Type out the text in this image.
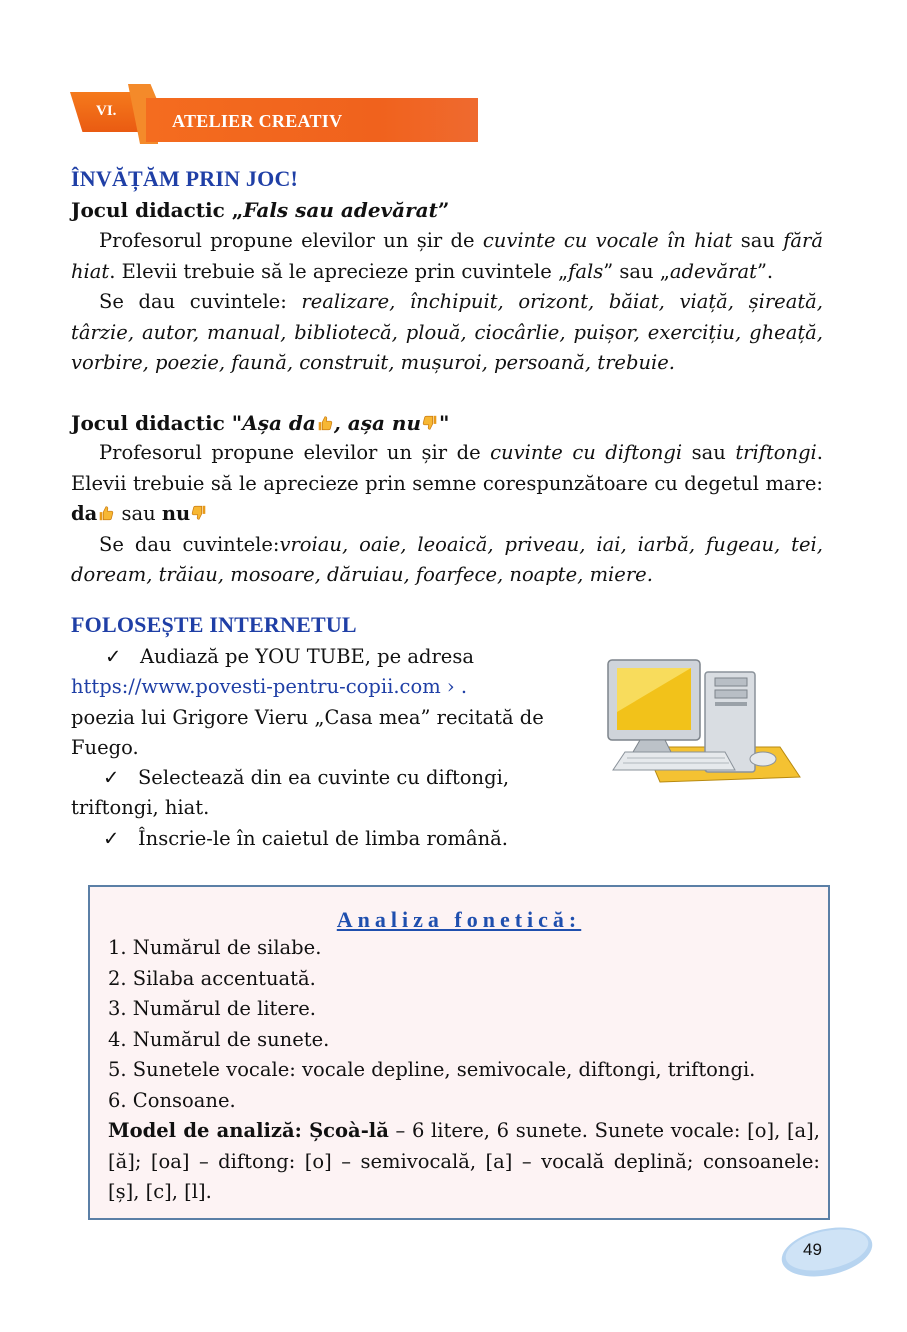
VI.	ATELIER CREATIV
ÎNVĂȚĂM PRIN JOC!
Jocul didactic „Fals sau adevărat”

Profesorul propune elevilor un șir de cuvinte cu vocale în hiat sau fără hiat. Elevii trebuie să le aprecieze prin cuvintele „fals” sau „adevărat”.

Se dau cuvintele: realizare, închipuit, orizont, băiat, viață, șireată, târzie, autor, manual, bibliotecă, plouă, ciocârlie, puișor, exercițiu, gheață, vorbire, poezie, faună, construit, mușuroi, persoană, trebuie.

Jocul didactic "Așa da , așa nu "

Profesorul propune elevilor un șir de cuvinte cu diftongi sau triftongi. Elevii trebuie să le aprecieze prin semne corespunzătoare cu degetul mare: da sau nu

Se dau cuvintele:vroiau, oaie, leoaică, priveau, iai, iarbă, fugeau, tei, doream, trăiau, mosoare, dăruiau, foarfece, noapte, miere.

FOLOSEȘTE INTERNETUL
✓ Audiază pe YOU TUBE, pe adresa
https://www.povesti-pentru-copii.com › .
poezia lui Grigore Vieru „Casa mea” recitată de
Fuego.
✓ Selectează din ea cuvinte cu diftongi,
triftongi, hiat.
✓ Înscrie-le în caietul de limba română.
Analiza fonetică:
1. Numărul de silabe.
2. Silaba accentuată.
3. Numărul de litere.
4. Numărul de sunete.
5. Sunetele vocale: vocale depline, semivocale, diftongi, triftongi.
6. Consoane.
Model de analiză: Școà-lă – 6 litere, 6 sunete. Sunete vocale: [o], [a], [ă]; [oa] – diftong: [o] – semivocală, [a] – vocală deplină; consoanele: [ș], [c], [l].
49
